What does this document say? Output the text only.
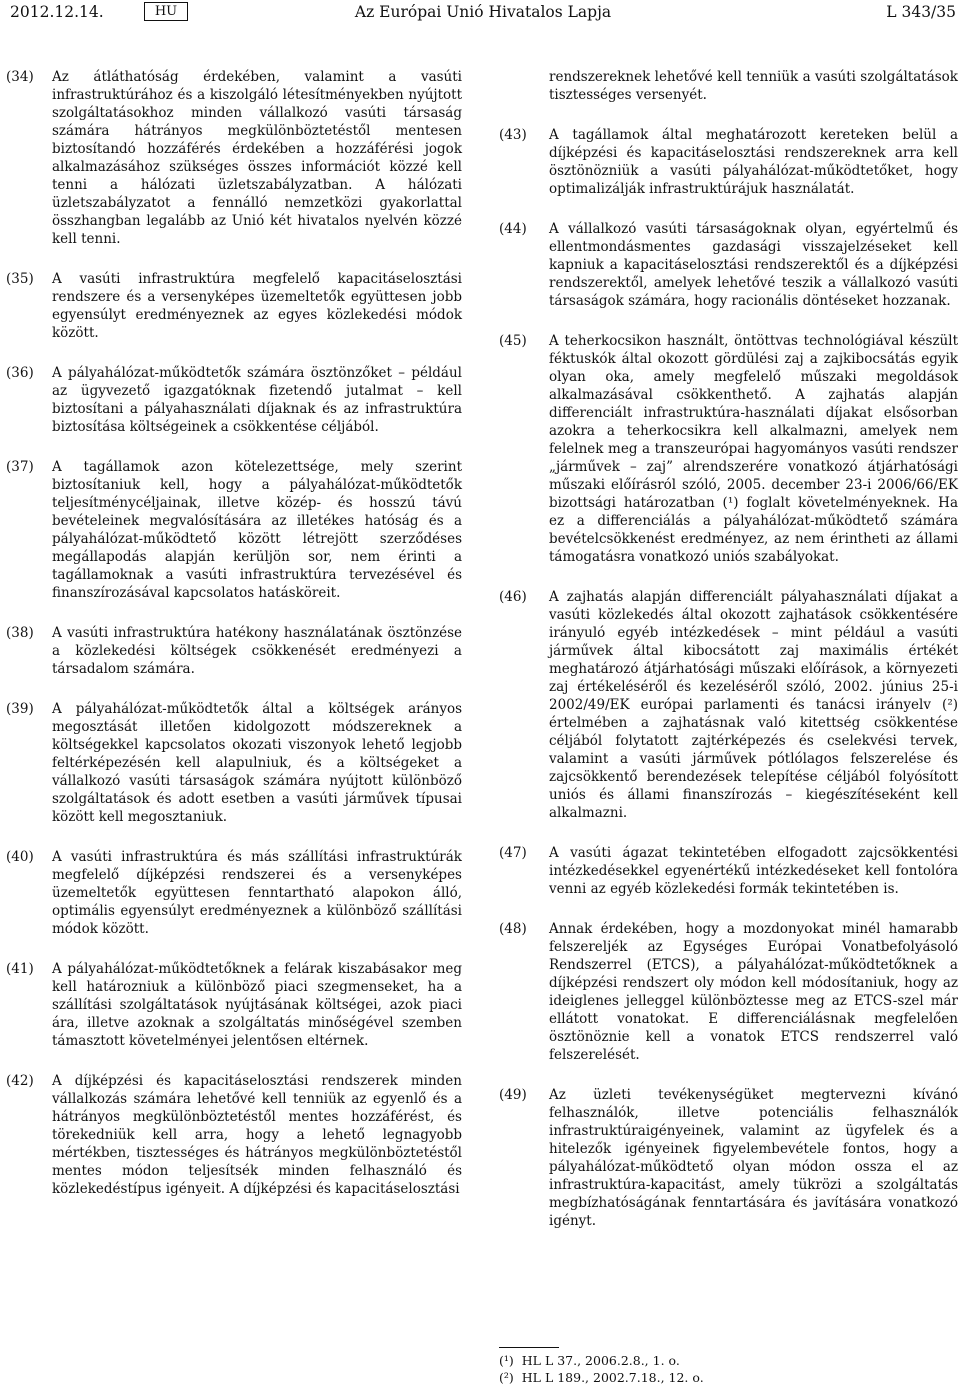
2012.12.14.	HU	Az Európai Unió Hivatalos Lapja	L 343/35
(34) Az átláthatóság érdekében, valamint a vasúti infrastruktúrához és a kiszolgáló létesítményekben nyújtott szolgáltatásokhoz minden vállalkozó vasúti társaság számára hátrányos megkülönböztetéstől mentesen biztosítandó hozzáférés érdekében a hozzáférési jogok alkalmazásához szükséges összes információt közzé kell tenni a hálózati üzletszabályzatban. A hálózati üzletszabályzatot a fennálló nemzetközi gyakorlattal összhangban legalább az Unió két hivatalos nyelvén közzé kell tenni.
(35) A vasúti infrastruktúra megfelelő kapacitáselosztási rendszere és a versenyképes üzemeltetők együttesen jobb egyensúlyt eredményeznek az egyes közlekedési módok között.
(36) A pályahálózat-működtetők számára ösztönzőket – például az ügyvezető igazgatóknak fizetendő jutalmat – kell biztosítani a pályahasználati díjaknak és az infrastruktúra biztosítása költségeinek a csökkentése céljából.
(37) A tagállamok azon kötelezettsége, mely szerint biztosítaniuk kell, hogy a pályahálózat-működtetők teljesítménycéljainak, illetve közép- és hosszú távú bevételeinek megvalósítására az illetékes hatóság és a pályahálózat-működtető között létrejött szerződéses megállapodás alapján kerüljön sor, nem érinti a tagállamoknak a vasúti infrastruktúra tervezésével és finanszírozásával kapcsolatos hatásköreit.
(38) A vasúti infrastruktúra hatékony használatának ösztönzése a közlekedési költségek csökkenését eredményezi a társadalom számára.
(39) A pályahálózat-működtetők által a költségek arányos megosztását illetően kidolgozott módszereknek a költségekkel kapcsolatos okozati viszonyok lehető legjobb feltérképezésén kell alapulniuk, és a költségeket a vállalkozó vasúti társaságok számára nyújtott különböző szolgáltatások és adott esetben a vasúti járművek típusai között kell megosztaniuk.
(40) A vasúti infrastruktúra és más szállítási infrastruktúrák megfelelő díjképzési rendszerei és a versenyképes üzemeltetők együttesen fenntartható alapokon álló, optimális egyensúlyt eredményeznek a különböző szállítási módok között.
(41) A pályahálózat-működtetőknek a felárak kiszabásakor meg kell határozniuk a különböző piaci szegmenseket, ha a szállítási szolgáltatások nyújtásának költségei, azok piaci ára, illetve azoknak a szolgáltatás minőségével szemben támasztott követelményei jelentősen eltérnek.
(42) A díjképzési és kapacitáselosztási rendszerek minden vállalkozás számára lehetővé kell tenniük az egyenlő és a hátrányos megkülönböztetéstől mentes hozzáférést, és törekedniük kell arra, hogy a lehető legnagyobb mértékben, tisztességes és hátrányos megkülönböztetéstől mentes módon teljesítsék minden felhasználó és közlekedéstípus igényeit. A díjképzési és kapacitáselosztási
rendszereknek lehetővé kell tenniük a vasúti szolgáltatások tisztességes versenyét.
(43) A tagállamok által meghatározott kereteken belül a díjképzési és kapacitáselosztási rendszereknek arra kell ösztönözniük a vasúti pályahálózat-működtetőket, hogy optimalizálják infrastruktúrájuk használatát.
(44) A vállalkozó vasúti társaságoknak olyan, egyértelmű és ellentmondásmentes gazdasági visszajelzéseket kell kapniuk a kapacitáselosztási rendszerektől és a díjképzési rendszerektől, amelyek lehetővé teszik a vállalkozó vasúti társaságok számára, hogy racionális döntéseket hozzanak.
(45) A teherkocsikon használt, öntöttvas technológiával készült féktuskók által okozott gördülési zaj a zajkibocsátás egyik olyan oka, amely megfelelő műszaki megoldások alkalmazásával csökkenthető. A zajhatás alapján differenciált infrastruktúra-használati díjakat elsősorban azokra a teherkocsikra kell alkalmazni, amelyek nem felelnek meg a transzeurópai hagyományos vasúti rendszer „járművek – zaj” alrendszerére vonatkozó átjárhatósági műszaki előírásról szóló, 2005. december 23-i 2006/66/EK bizottsági határozatban (¹) foglalt követelményeknek. Ha ez a differenciálás a pályahálózat-működtető számára bevételcsökkenést eredményez, az nem érintheti az állami támogatásra vonatkozó uniós szabályokat.
(46) A zajhatás alapján differenciált pályahasználati díjakat a vasúti közlekedés által okozott zajhatások csökkentésére irányuló egyéb intézkedések – mint például a vasúti járművek által kibocsátott zaj maximális értékét meghatározó átjárhatósági műszaki előírások, a környezeti zaj értékeléséről és kezeléséről szóló, 2002. június 25-i 2002/49/EK európai parlamenti és tanácsi irányelv (²) értelmében a zajhatásnak való kitettség csökkentése céljából folytatott zajtérképezés és cselekvési tervek, valamint a vasúti járművek pótlólagos felszerelése és zajcsökkentő berendezések telepítése céljából folyósított uniós és állami finanszírozás – kiegészítéseként kell alkalmazni.
(47) A vasúti ágazat tekintetében elfogadott zajcsökkentési intézkedésekkel egyenértékű intézkedéseket kell fontolóra venni az egyéb közlekedési formák tekintetében is.
(48) Annak érdekében, hogy a mozdonyokat minél hamarabb felszereljék az Egységes Európai Vonatbefolyásoló Rendszerrel (ETCS), a pályahálózat-működtetőknek a díjképzési rendszert oly módon kell módosítaniuk, hogy az ideiglenes jelleggel különböztesse meg az ETCS-szel már ellátott vonatokat. E differenciálásnak megfelelően ösztönöznie kell a vonatok ETCS rendszerrel való felszerelését.
(49) Az üzleti tevékenységüket megtervezni kívánó felhasználók, illetve potenciális felhasználók infrastruktúraigényeinek, valamint az ügyfelek és a hitelezők igényeinek figyelembevétele fontos, hogy a pályahálózat-működtető olyan módon ossza el az infrastruktúra-kapacitást, amely tükrözi a szolgáltatás megbízhatóságának fenntartására és javítására vonatkozó igényt.
(¹) HL L 37., 2006.2.8., 1. o.
(²) HL L 189., 2002.7.18., 12. o.
